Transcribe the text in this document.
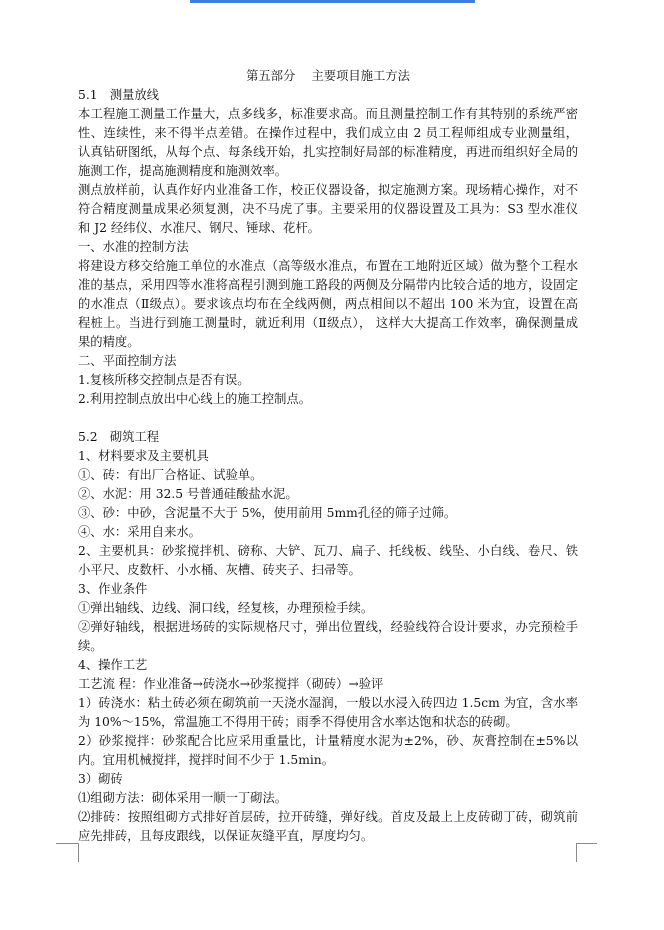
第五部分　 主要项目施工方法
5.1　测量放线
本工程施工测量工作量大，点多线多，标准要求高。而且测量控制工作有其特别的系统严密
性、连续性，来不得半点差错。在操作过程中，我们成立由 2 员工程师组成专业测量组，
认真钻研图纸，从每个点、每条线开始，扎实控制好局部的标准精度，再进而组织好全局的
施测工作，提高施测精度和施测效率。
测点放样前，认真作好内业准备工作，校正仪器设备，拟定施测方案。现场精心操作，对不
符合精度测量成果必须复测，决不马虎了事。主要采用的仪器设置及工具为：S3 型水准仪
和 J2 经纬仪、水准尺、钢尺、锤球、花杆。
一、水准的控制方法
将建设方移交给施工单位的水准点（高等级水准点，布置在工地附近区域）做为整个工程水
准的基点，采用四等水准将高程引测到施工路段的两侧及分隔带内比较合适的地方，设固定
的水准点（Ⅱ级点）。要求该点均布在全线两侧，两点相间以不超出 100 米为宜，设置在高
程桩上。当进行到施工测量时，就近利用（Ⅱ级点）， 这样大大提高工作效率，确保测量成
果的精度。
二、平面控制方法
1.复核所移交控制点是否有误。
2.利用控制点放出中心线上的施工控制点。
5.2　砌筑工程
1、材料要求及主要机具
①、砖：有出厂合格证、试验单。
②、水泥：用 32.5 号普通硅酸盐水泥。
③、砂：中砂，含泥量不大于 5%，使用前用 5mm孔径的筛子过筛。
④、水：采用自来水。
2、主要机具：砂浆搅拌机、磅称、大铲、瓦刀、扁子、托线板、线坠、小白线、卷尺、铁
小平尺、皮数杆、小水桶、灰槽、砖夹子、扫帚等。
3、作业条件
①弹出轴线、边线、洞口线，经复核，办理预检手续。
②弹好轴线，根据进场砖的实际规格尺寸，弹出位置线，经验线符合设计要求，办完预检手
续。
4、操作工艺
工艺流 程：作业准备→砖浇水→砂浆搅拌（砌砖）→验评
1）砖浇水：粘土砖必须在砌筑前一天浇水湿润，一般以水浸入砖四边 1.5cm 为宜，含水率
为 10%～15%，常温施工不得用干砖；雨季不得使用含水率达饱和状态的砖砌。
2）砂浆搅拌：砂浆配合比应采用重量比，计量精度水泥为±2%，砂、灰膏控制在±5%以
内。宜用机械搅拌，搅拌时间不少于 1.5min。
3）砌砖
⑴组砌方法：砌体采用一顺一丁砌法。
⑵排砖：按照组砌方式排好首层砖，拉开砖缝，弹好线。首皮及最上上皮砖砌丁砖，砌筑前
应先排砖，且每皮跟线，以保证灰缝平直，厚度均匀。
